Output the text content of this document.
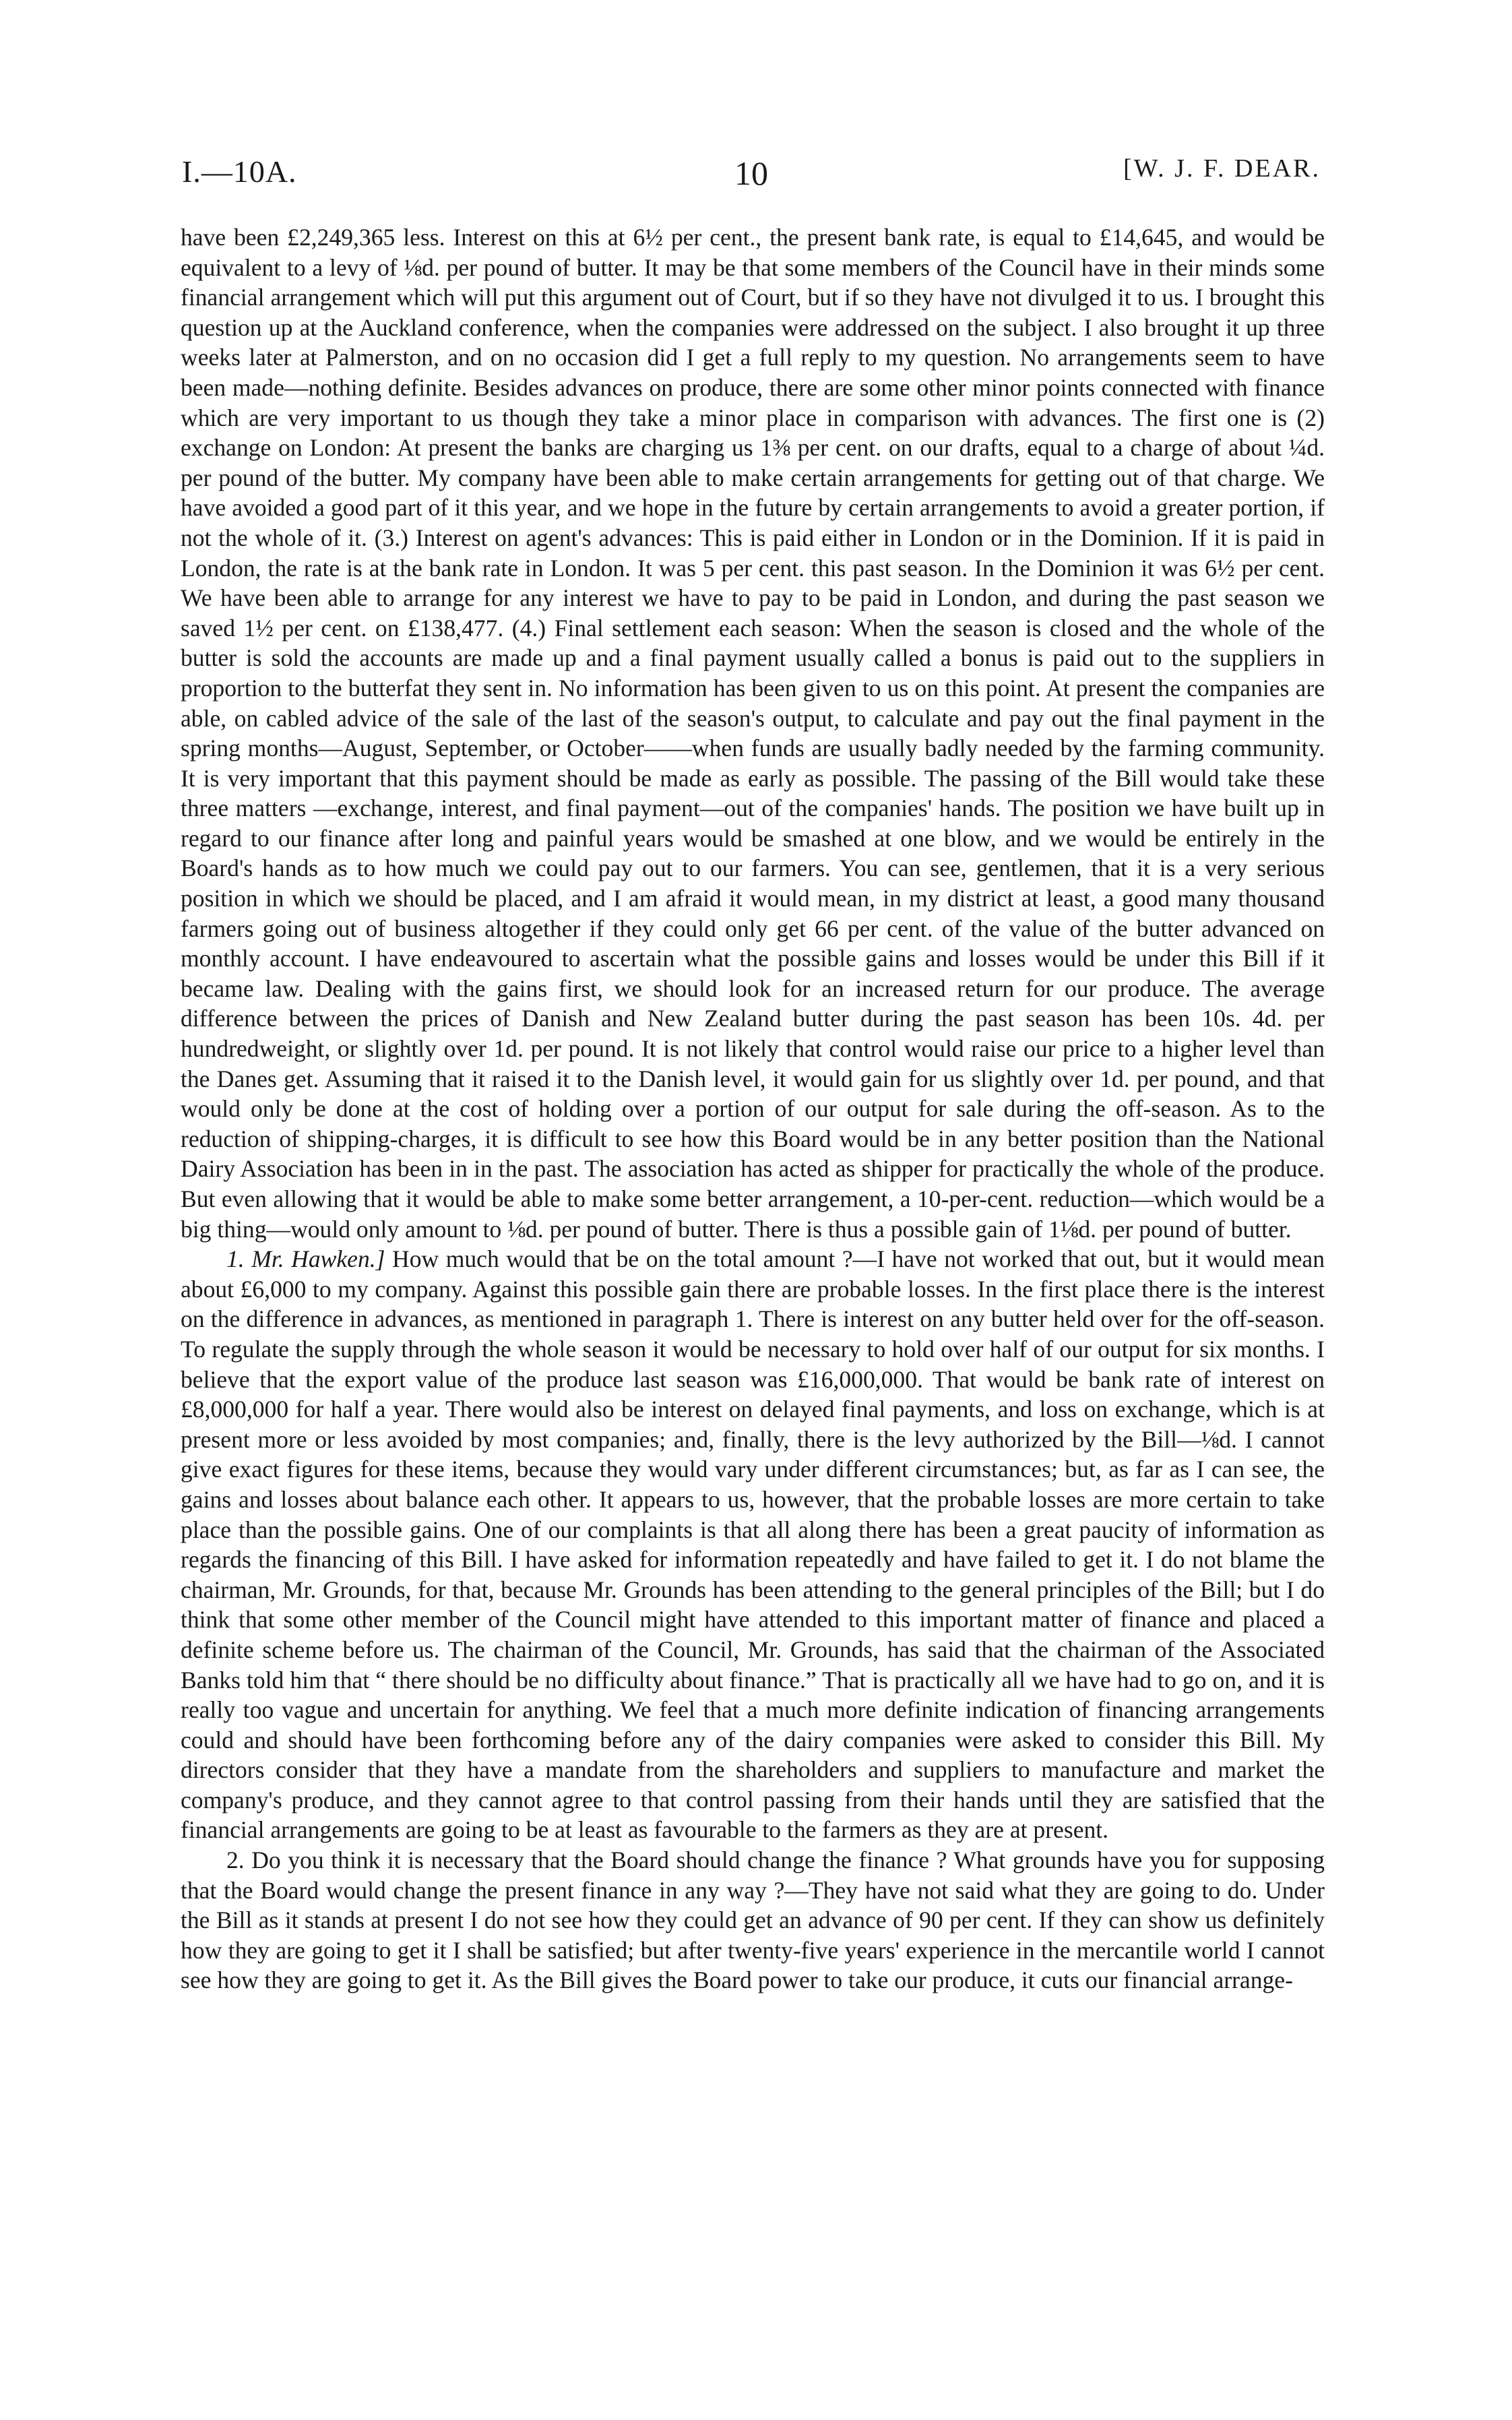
I.—10A.	10	[W. J. F. DEAR.

have been £2,249,365 less. Interest on this at 6½ per cent., the present bank rate, is equal to £14,645, and would be equivalent to a levy of ⅛d. per pound of butter. It may be that some members of the Council have in their minds some financial arrangement which will put this argument out of Court, but if so they have not divulged it to us. I brought this question up at the Auckland conference, when the companies were addressed on the subject. I also brought it up three weeks later at Palmerston, and on no occasion did I get a full reply to my question. No arrangements seem to have been made—nothing definite. Besides advances on produce, there are some other minor points connected with finance which are very important to us though they take a minor place in comparison with advances. The first one is (2) exchange on London: At present the banks are charging us 1⅜ per cent. on our drafts, equal to a charge of about ¼d. per pound of the butter. My company have been able to make certain arrangements for getting out of that charge. We have avoided a good part of it this year, and we hope in the future by certain arrangements to avoid a greater portion, if not the whole of it. (3.) Interest on agent's advances: This is paid either in London or in the Dominion. If it is paid in London, the rate is at the bank rate in London. It was 5 per cent. this past season. In the Dominion it was 6½ per cent. We have been able to arrange for any interest we have to pay to be paid in London, and during the past season we saved 1½ per cent. on £138,477. (4.) Final settlement each season: When the season is closed and the whole of the butter is sold the accounts are made up and a final payment usually called a bonus is paid out to the suppliers in proportion to the butterfat they sent in. No information has been given to us on this point. At present the companies are able, on cabled advice of the sale of the last of the season's output, to calculate and pay out the final payment in the spring months—August, September, or October——when funds are usually badly needed by the farming community. It is very important that this payment should be made as early as possible. The passing of the Bill would take these three matters —exchange, interest, and final payment—out of the companies' hands. The position we have built up in regard to our finance after long and painful years would be smashed at one blow, and we would be entirely in the Board's hands as to how much we could pay out to our farmers. You can see, gentlemen, that it is a very serious position in which we should be placed, and I am afraid it would mean, in my district at least, a good many thousand farmers going out of business altogether if they could only get 66 per cent. of the value of the butter advanced on monthly account. I have endeavoured to ascertain what the possible gains and losses would be under this Bill if it became law. Dealing with the gains first, we should look for an increased return for our produce. The average difference between the prices of Danish and New Zealand butter during the past season has been 10s. 4d. per hundredweight, or slightly over 1d. per pound. It is not likely that control would raise our price to a higher level than the Danes get. Assuming that it raised it to the Danish level, it would gain for us slightly over 1d. per pound, and that would only be done at the cost of holding over a portion of our output for sale during the off-season. As to the reduction of shipping-charges, it is difficult to see how this Board would be in any better position than the National Dairy Association has been in in the past. The association has acted as shipper for practically the whole of the produce. But even allowing that it would be able to make some better arrangement, a 10-per-cent. reduction—which would be a big thing—would only amount to ⅛d. per pound of butter. There is thus a possible gain of 1⅛d. per pound of butter.

1. Mr. Hawken.] How much would that be on the total amount ?—I have not worked that out, but it would mean about £6,000 to my company. Against this possible gain there are probable losses. In the first place there is the interest on the difference in advances, as mentioned in paragraph 1. There is interest on any butter held over for the off-season. To regulate the supply through the whole season it would be necessary to hold over half of our output for six months. I believe that the export value of the produce last season was £16,000,000. That would be bank rate of interest on £8,000,000 for half a year. There would also be interest on delayed final payments, and loss on exchange, which is at present more or less avoided by most companies; and, finally, there is the levy authorized by the Bill—⅛d. I cannot give exact figures for these items, because they would vary under different circumstances; but, as far as I can see, the gains and losses about balance each other. It appears to us, however, that the probable losses are more certain to take place than the possible gains. One of our complaints is that all along there has been a great paucity of information as regards the financing of this Bill. I have asked for information repeatedly and have failed to get it. I do not blame the chairman, Mr. Grounds, for that, because Mr. Grounds has been attending to the general principles of the Bill; but I do think that some other member of the Council might have attended to this important matter of finance and placed a definite scheme before us. The chairman of the Council, Mr. Grounds, has said that the chairman of the Associated Banks told him that “ there should be no difficulty about finance.” That is practically all we have had to go on, and it is really too vague and uncertain for anything. We feel that a much more definite indication of financing arrangements could and should have been forthcoming before any of the dairy companies were asked to consider this Bill. My directors consider that they have a mandate from the shareholders and suppliers to manufacture and market the company's produce, and they cannot agree to that control passing from their hands until they are satisfied that the financial arrangements are going to be at least as favourable to the farmers as they are at present.

2. Do you think it is necessary that the Board should change the finance ? What grounds have you for supposing that the Board would change the present finance in any way ?—They have not said what they are going to do. Under the Bill as it stands at present I do not see how they could get an advance of 90 per cent. If they can show us definitely how they are going to get it I shall be satisfied; but after twenty-five years' experience in the mercantile world I cannot see how they are going to get it. As the Bill gives the Board power to take our produce, it cuts our financial arrange-
